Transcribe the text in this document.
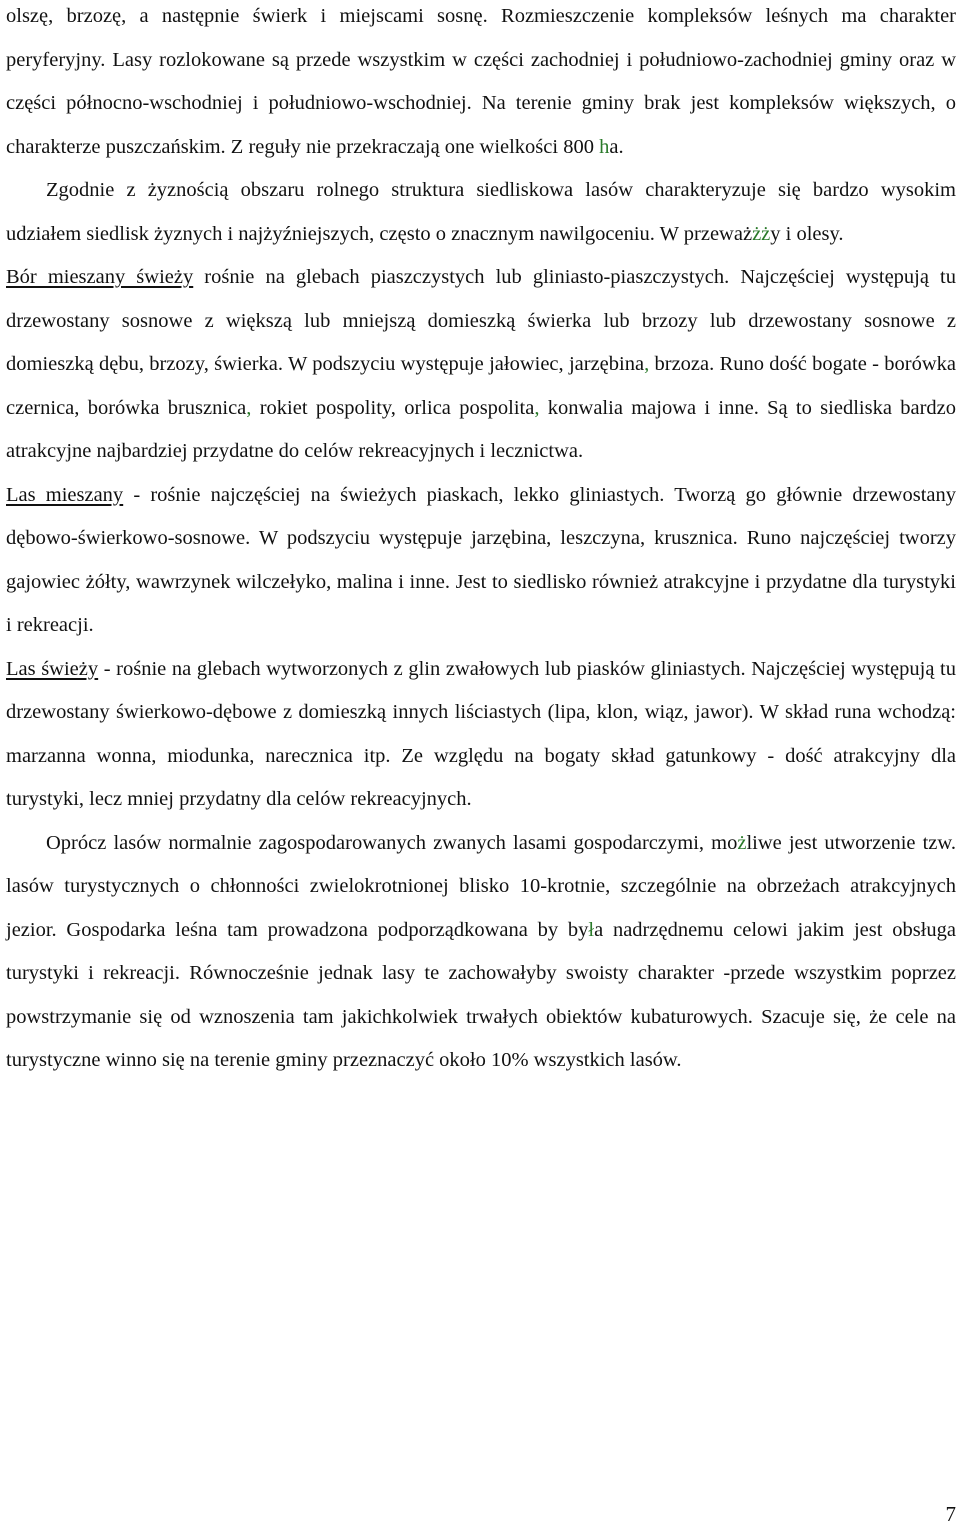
olszę, brzozę, a następnie świerk i miejscami sosnę. Rozmieszczenie kompleksów leśnych ma charakter peryferyjny. Lasy rozlokowane są przede wszystkim w części zachodniej i południowo-zachodniej gminy oraz w części północno-wschodniej i południowo-wschodniej. Na terenie gminy brak jest kompleksów większych, o charakterze puszczańskim. Z reguły nie przekraczają one wielkości 800 ha.

Zgodnie z żyznością obszaru rolnego struktura siedliskowa lasów charakteryzuje się bardzo wysokim udziałem siedlisk żyznych i najżyźniejszych, często o znacznym nawilgoceniu. W przeważżży i olesy.

Bór mieszany świeży rośnie na glebach piaszczystych lub gliniasto-piaszczystych. Najczęściej występują tu drzewostany sosnowe z większą lub mniejszą domieszką świerka lub brzozy lub drzewostany sosnowe z domieszką dębu, brzozy, świerka. W podszyciu występuje jałowiec, jarzębina, brzoza. Runo dość bogate - borówka czernica, borówka brusznica, rokiet pospolity, orlica pospolita, konwalia majowa i inne. Są to siedliska bardzo atrakcyjne najbardziej przydatne do celów rekreacyjnych i lecznictwa.

Las mieszany - rośnie najczęściej na świeżych piaskach, lekko gliniastych. Tworzą go głównie drzewostany dębowo-świerkowo-sosnowe. W podszyciu występuje jarzębina, leszczyna, krusznica. Runo najczęściej tworzy gajowiec żółty, wawrzynek wilczełyko, malina i inne. Jest to siedlisko również atrakcyjne i przydatne dla turystyki i rekreacji.

Las świeży - rośnie na glebach wytworzonych z glin zwałowych lub piasków gliniastych. Najczęściej występują tu drzewostany świerkowo-dębowe z domieszką innych liściastych (lipa, klon, wiąz, jawor). W skład runa wchodzą: marzanna wonna, miodunka, narecznica itp. Ze względu na bogaty skład gatunkowy - dość atrakcyjny dla turystyki, lecz mniej przydatny dla celów rekreacyjnych.

Oprócz lasów normalnie zagospodarowanych zwanych lasami gospodarczymi, możliwe jest utworzenie tzw. lasów turystycznych o chłonności zwielokrotnionej blisko 10-krotnie, szczególnie na obrzeżach atrakcyjnych jezior. Gospodarka leśna tam prowadzona podporządkowana by była nadrzędnemu celowi jakim jest obsługa turystyki i rekreacji. Równocześnie jednak lasy te zachowałyby swoisty charakter -przede wszystkim poprzez powstrzymanie się od wznoszenia tam jakichkolwiek trwałych obiektów kubaturowych. Szacuje się, że cele na turystyczne winno się na terenie gminy przeznaczyć około 10% wszystkich lasów.

7
